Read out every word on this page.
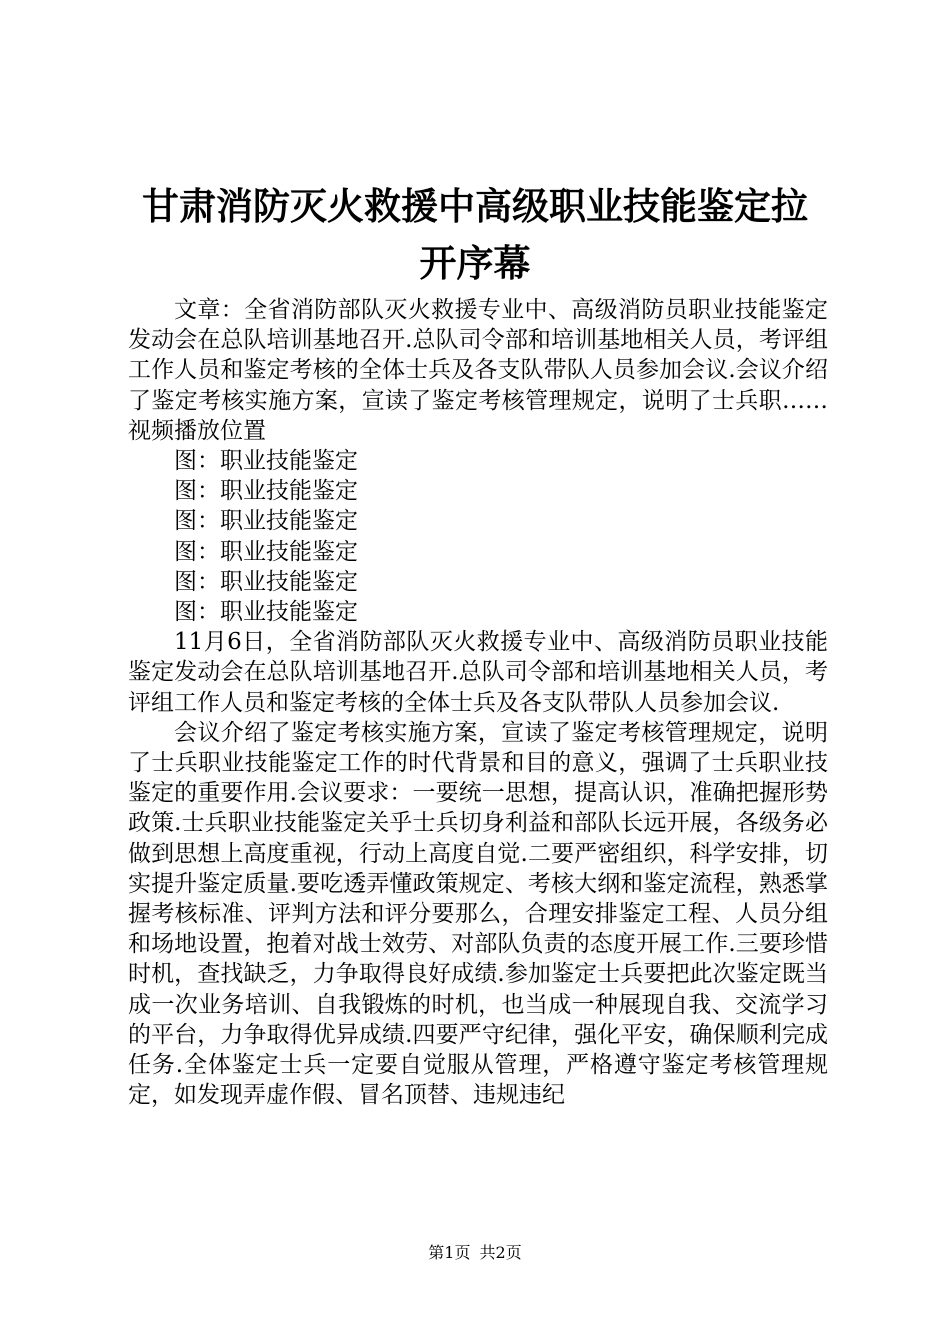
甘肃消防灭火救援中高级职业技能鉴定拉开序幕

文章：全省消防部队灭火救援专业中、高级消防员职业技能鉴定发动会在总队培训基地召开.总队司令部和培训基地相关人员，考评组工作人员和鉴定考核的全体士兵及各支队带队人员参加会议.会议介绍了鉴定考核实施方案，宣读了鉴定考核管理规定，说明了士兵职……视频播放位置

图：职业技能鉴定

图：职业技能鉴定

图：职业技能鉴定

图：职业技能鉴定

图：职业技能鉴定

图：职业技能鉴定

11月6日，全省消防部队灭火救援专业中、高级消防员职业技能鉴定发动会在总队培训基地召开.总队司令部和培训基地相关人员，考评组工作人员和鉴定考核的全体士兵及各支队带队人员参加会议.

会议介绍了鉴定考核实施方案，宣读了鉴定考核管理规定，说明了士兵职业技能鉴定工作的时代背景和目的意义，强调了士兵职业技鉴定的重要作用.会议要求：一要统一思想，提高认识，准确把握形势政策.士兵职业技能鉴定关乎士兵切身利益和部队长远开展，各级务必做到思想上高度重视，行动上高度自觉.二要严密组织，科学安排，切实提升鉴定质量.要吃透弄懂政策规定、考核大纲和鉴定流程，熟悉掌握考核标准、评判方法和评分要那么，合理安排鉴定工程、人员分组和场地设置，抱着对战士效劳、对部队负责的态度开展工作.三要珍惜时机，查找缺乏，力争取得良好成绩.参加鉴定士兵要把此次鉴定既当成一次业务培训、自我锻炼的时机，也当成一种展现自我、交流学习的平台，力争取得优异成绩.四要严守纪律，强化平安，确保顺利完成任务.全体鉴定士兵一定要自觉服从管理，严格遵守鉴定考核管理规定，如发现弄虚作假、冒名顶替、违规违纪

第1页 共2页
